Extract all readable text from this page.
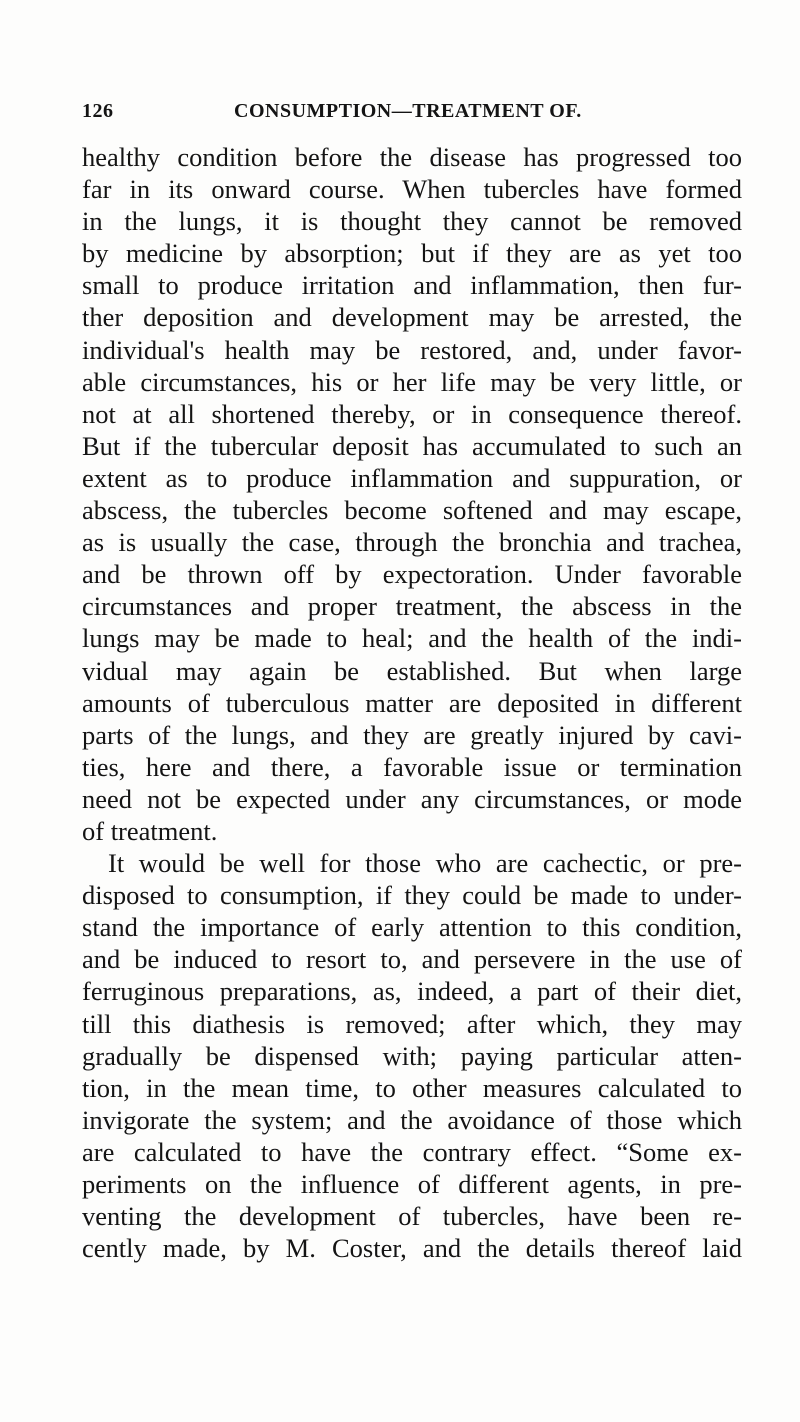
126	CONSUMPTION—TREATMENT OF.
healthy condition before the disease has progressed too
far in its onward course. When tubercles have formed
in the lungs, it is thought they cannot be removed
by medicine by absorption; but if they are as yet too
small to produce irritation and inflammation, then fur-
ther deposition and development may be arrested, the
individual's health may be restored, and, under favor-
able circumstances, his or her life may be very little, or
not at all shortened thereby, or in consequence thereof.
But if the tubercular deposit has accumulated to such an
extent as to produce inflammation and suppuration, or
abscess, the tubercles become softened and may escape,
as is usually the case, through the bronchia and trachea,
and be thrown off by expectoration. Under favorable
circumstances and proper treatment, the abscess in the
lungs may be made to heal; and the health of the indi-
vidual may again be established. But when large
amounts of tuberculous matter are deposited in different
parts of the lungs, and they are greatly injured by cavi-
ties, here and there, a favorable issue or termination
need not be expected under any circumstances, or mode
of treatment.
It would be well for those who are cachectic, or pre-
disposed to consumption, if they could be made to under-
stand the importance of early attention to this condition,
and be induced to resort to, and persevere in the use of
ferruginous preparations, as, indeed, a part of their diet,
till this diathesis is removed; after which, they may
gradually be dispensed with; paying particular atten-
tion, in the mean time, to other measures calculated to
invigorate the system; and the avoidance of those which
are calculated to have the contrary effect. “Some ex-
periments on the influence of different agents, in pre-
venting the development of tubercles, have been re-
cently made, by M. Coster, and the details thereof laid
